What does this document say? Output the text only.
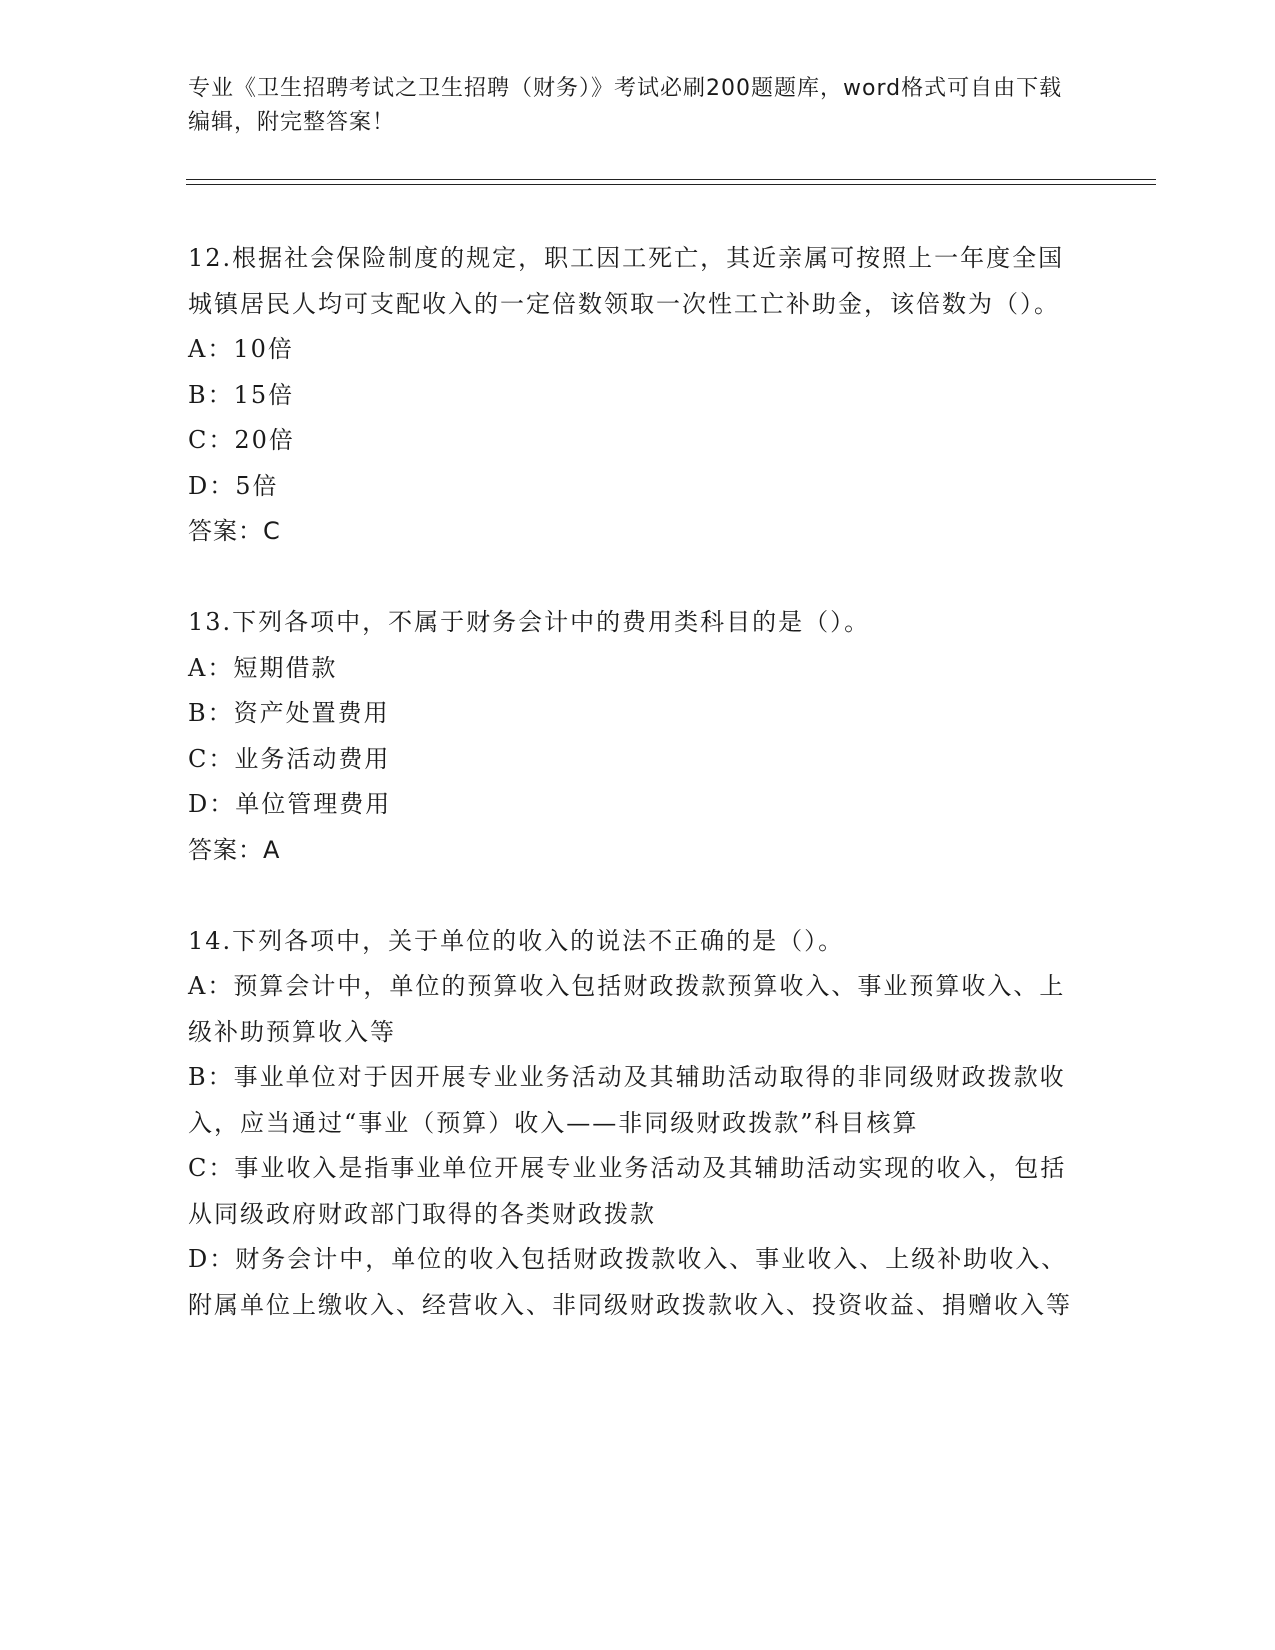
专业《卫生招聘考试之卫生招聘（财务）》考试必刷200题题库，word格式可自由下载编辑，附完整答案！

12.根据社会保险制度的规定，职工因工死亡，其近亲属可按照上一年度全国城镇居民人均可支配收入的一定倍数领取一次性工亡补助金，该倍数为（）。

A：10倍

B：15倍

C：20倍

D：5倍

答案：C

13.下列各项中，不属于财务会计中的费用类科目的是（）。

A：短期借款

B：资产处置费用

C：业务活动费用

D：单位管理费用

答案：A

14.下列各项中，关于单位的收入的说法不正确的是（）。

A：预算会计中，单位的预算收入包括财政拨款预算收入、事业预算收入、上级补助预算收入等

B：事业单位对于因开展专业业务活动及其辅助活动取得的非同级财政拨款收入，应当通过“事业（预算）收入——非同级财政拨款”科目核算

C：事业收入是指事业单位开展专业业务活动及其辅助活动实现的收入，包括从同级政府财政部门取得的各类财政拨款

D：财务会计中，单位的收入包括财政拨款收入、事业收入、上级补助收入、附属单位上缴收入、经营收入、非同级财政拨款收入、投资收益、捐赠收入等
